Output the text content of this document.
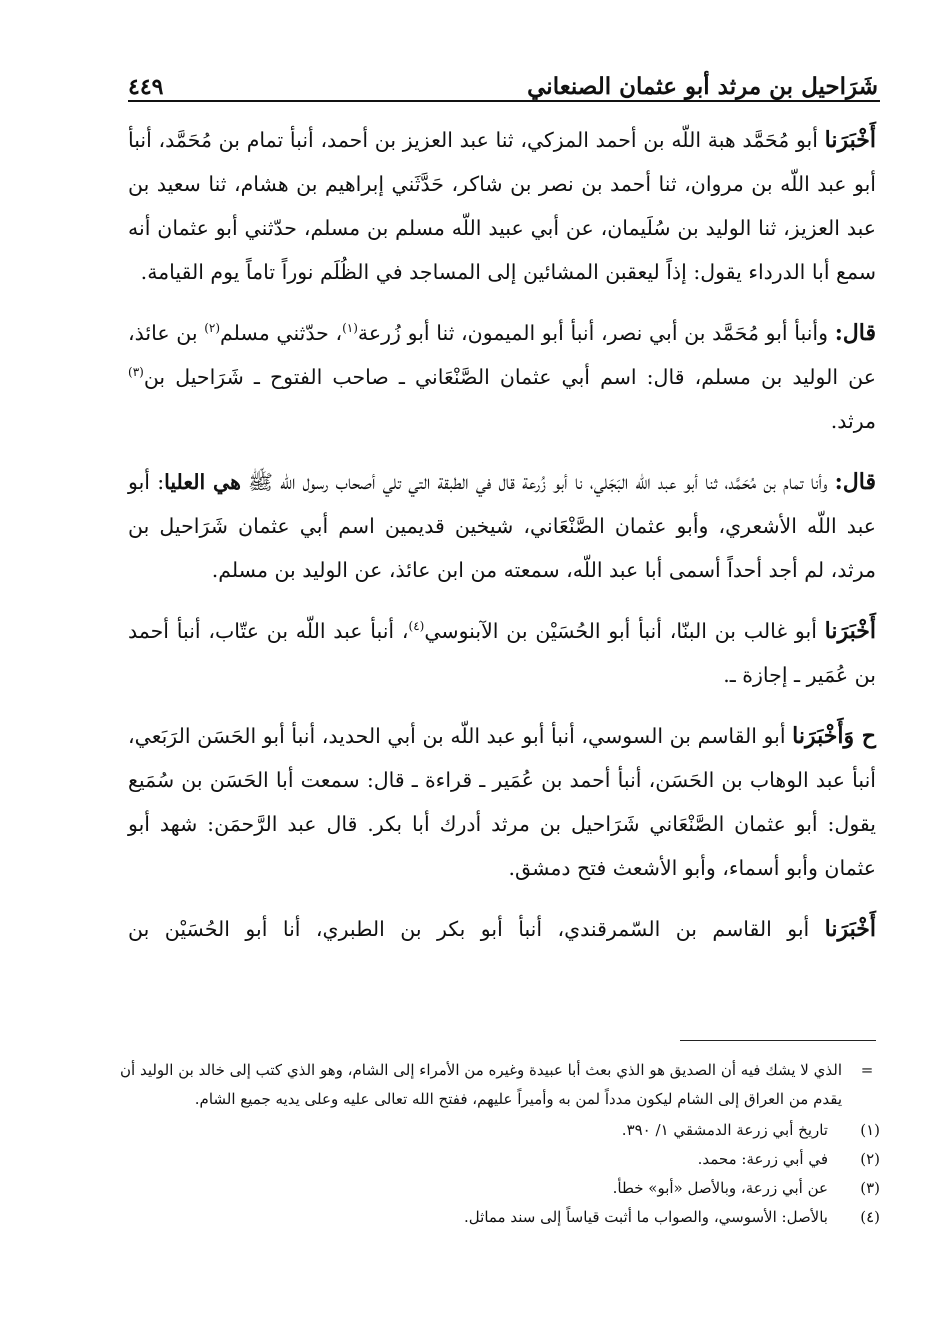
شَرَاحيل بن مرثد أبو عثمان الصنعاني
٤٤٩

أَخْبَرَنا أبو مُحَمَّد هبة اللّه بن أحمد المزكي، ثنا عبد العزيز بن أحمد، أنبأ تمام بن مُحَمَّد، أنبأ أبو عبد اللّه بن مروان، ثنا أحمد بن نصر بن شاكر، حَدَّثَني إبراهيم بن هشام، ثنا سعيد بن عبد العزيز، ثنا الوليد بن سُلَيمان، عن أبي عبيد اللّه مسلم بن مسلم، حدّثني أبو عثمان أنه سمع أبا الدرداء يقول: إذاً ليعقبن المشائين إلى المساجد في الظُلَم نوراً تاماً يوم القيامة.

قال: وأنبأ أبو مُحَمَّد بن أبي نصر، أنبأ أبو الميمون، ثنا أبو زُرعة$^{(١)}$، حدّثني مسلم$^{(٢)}$ بن عائذ، عن الوليد بن مسلم، قال: اسم أبي عثمان الصَّنْعَاني ـ صاحب الفتوح ـ شَرَاحيل بن$^{(٣)}$ مرثد.

قال: وأنا تمام بن مُحَمَّد، ثنا أبو عبد اللّه البَجَلي، نا أبو زُرعة قال في الطبقة التي تلي أصحاب رسول الله ﷺ هي العليا: أبو عبد اللّه الأشعري، وأبو عثمان الصَّنْعَاني، شيخين قديمين اسم أبي عثمان شَرَاحيل بن مرثد، لم أجد أحداً أسمى أبا عبد اللّه، سمعته من ابن عائذ، عن الوليد بن مسلم.

أَخْبَرَنا أبو غالب بن البنّا، أنبأ أبو الحُسَيْن بن الآبنوسي$^{(٤)}$، أنبأ عبد اللّه بن عتّاب، أنبأ أحمد بن عُمَير ـ إجازة ـ.

ح وَأَخْبَرَنا أبو القاسم بن السوسي، أنبأ أبو عبد اللّه بن أبي الحديد، أنبأ أبو الحَسَن الرَبَعي، أنبأ عبد الوهاب بن الحَسَن، أنبأ أحمد بن عُمَير ـ قراءة ـ قال: سمعت أبا الحَسَن بن سُمَيع يقول: أبو عثمان الصَّنْعَاني شَرَاحيل بن مرثد أدرك أبا بكر. قال عبد الرَّحمَن: شهد أبو عثمان وأبو أسماء، وأبو الأشعث فتح دمشق.

أَخْبَرَنا أبو القاسم بن السّمرقندي، أنبأ أبو بكر بن الطبري، أنا أبو الحُسَيْن بن

=
الذي لا يشك فيه أن الصديق هو الذي بعث أبا عبيدة وغيره من الأمراء إلى الشام، وهو الذي كتب إلى خالد بن الوليد أن يقدم من العراق إلى الشام ليكون مدداً لمن به وأميراً عليهم، ففتح الله تعالى عليه وعلى يديه جميع الشام.
(١)
تاريخ أبي زرعة الدمشقي ١/ ٣٩٠.
(٢)
في أبي زرعة: محمد.
(٣)
عن أبي زرعة، وبالأصل «أبو» خطأ.
(٤)
بالأصل: الأسوسي، والصواب ما أثبت قياساً إلى سند مماثل.
